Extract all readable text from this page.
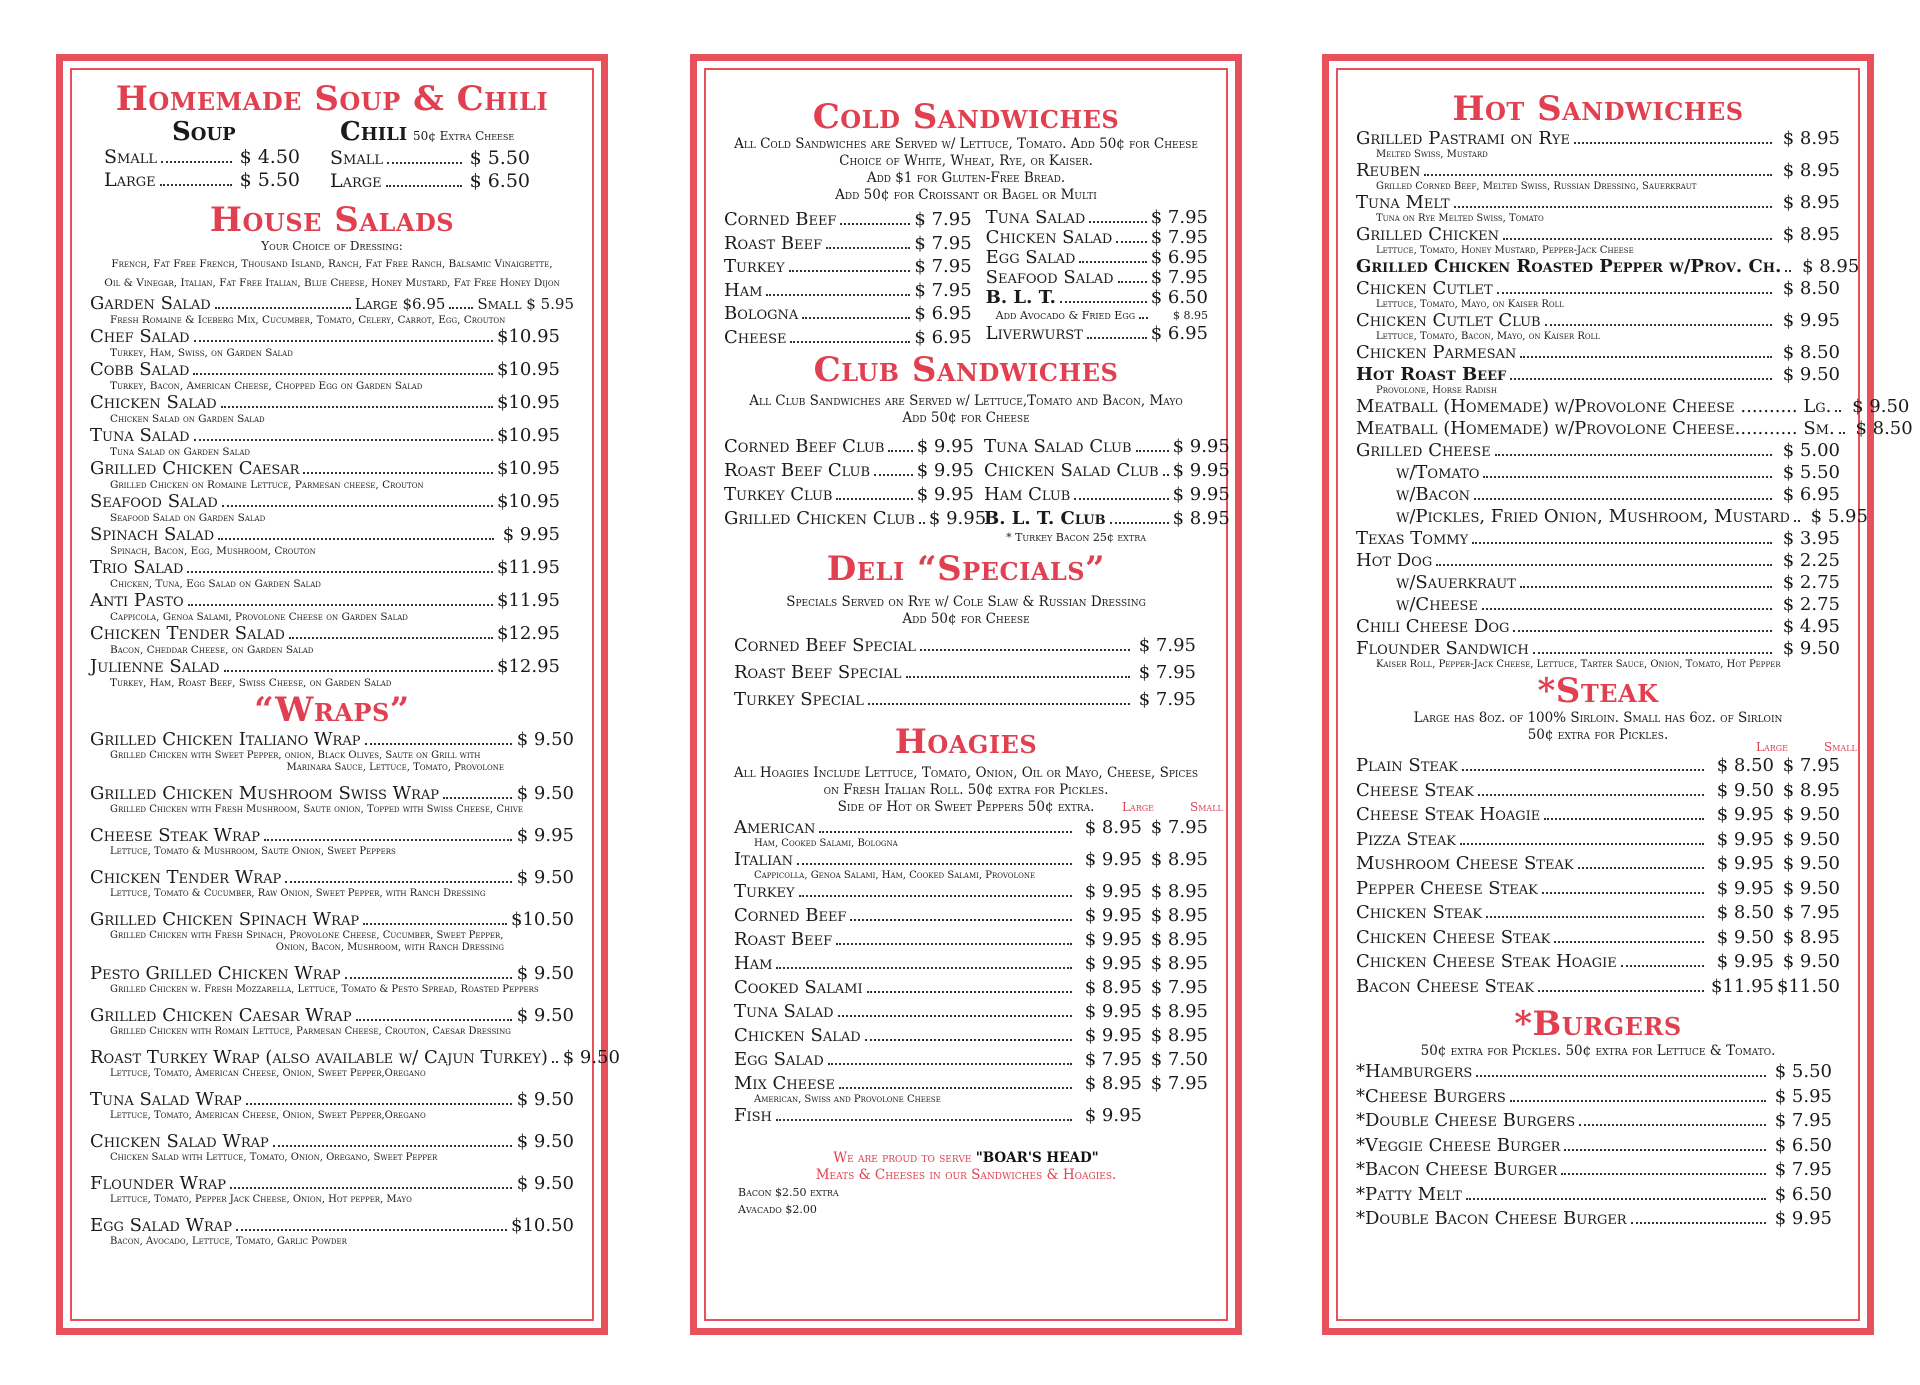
Homemade Soup & Chili
Soup
Small	$ 4.50
Large	$ 5.50
Chili 50¢ Extra Cheese
Small	$ 5.50
Large	$ 6.50
House Salads
Your Choice of Dressing:
French, Fat Free French, Thousand Island, Ranch, Fat Free Ranch, Balsamic Vinaigrette,
Oil & Vinegar, Italian, Fat Free Italian, Blue Cheese, Honey Mustard, Fat Free Honey Dijon
Garden Salad	Large $6.95 Small $ 5.95
Fresh Romaine & Iceberg Mix, Cucumber, Tomato, Celery, Carrot, Egg, Crouton
Chef Salad	$10.95
Turkey, Ham, Swiss, on Garden Salad
Cobb Salad	$10.95
Turkey, Bacon, American Cheese, Chopped Egg on Garden Salad
Chicken Salad	$10.95
Chicken Salad on Garden Salad
Tuna Salad	$10.95
Tuna Salad on Garden Salad
Grilled Chicken Caesar	$10.95
Grilled Chicken on Romaine Lettuce, Parmesan cheese, Crouton
Seafood Salad	$10.95
Seafood Salad on Garden Salad
Spinach Salad	$ 9.95
Spinach, Bacon, Egg, Mushroom, Crouton
Trio Salad	$11.95
Chicken, Tuna, Egg Salad on Garden Salad
Anti Pasto	$11.95
Cappicola, Genoa Salami, Provolone Cheese on Garden Salad
Chicken Tender Salad	$12.95
Bacon, Cheddar Cheese, on Garden Salad
Julienne Salad	$12.95
Turkey, Ham, Roast Beef, Swiss Cheese, on Garden Salad
“Wraps”
Grilled Chicken Italiano Wrap	$ 9.50
Grilled Chicken with Sweet Pepper, onion, Black Olives, Saute on Grill with
Marinara Sauce, Lettuce, Tomato, Provolone
Grilled Chicken Mushroom Swiss Wrap	$ 9.50
Grilled Chicken with Fresh Mushroom, Saute onion, Topped with Swiss Cheese, Chive
Cheese Steak Wrap	$ 9.95
Lettuce, Tomato & Mushroom, Saute Onion, Sweet Peppers
Chicken Tender Wrap	$ 9.50
Lettuce, Tomato & Cucumber, Raw Onion, Sweet Pepper, with Ranch Dressing
Grilled Chicken Spinach Wrap	$10.50
Grilled Chicken with Fresh Spinach, Provolone Cheese, Cucumber, Sweet Pepper,
Onion, Bacon, Mushroom, with Ranch Dressing
Pesto Grilled Chicken Wrap	$ 9.50
Grilled Chicken w. Fresh Mozzarella, Lettuce, Tomato & Pesto Spread, Roasted Peppers
Grilled Chicken Caesar Wrap	$ 9.50
Grilled Chicken with Romain Lettuce, Parmesan Cheese, Crouton, Caesar Dressing
Roast Turkey Wrap (also available w/ Cajun Turkey) $ 9.50
Lettuce, Tomato, American Cheese, Onion, Sweet Pepper,Oregano
Tuna Salad Wrap	$ 9.50
Lettuce, Tomato, American Cheese, Onion, Sweet Pepper,Oregano
Chicken Salad Wrap	$ 9.50
Chicken Salad with Lettuce, Tomato, Onion, Oregano, Sweet Pepper
Flounder Wrap	$ 9.50
Lettuce, Tomato, Pepper Jack Cheese, Onion, Hot pepper, Mayo
Egg Salad Wrap	$10.50
Bacon, Avocado, Lettuce, Tomato, Garlic Powder
Cold Sandwiches
All Cold Sandwiches are Served w/ Lettuce, Tomato. Add 50¢ for Cheese
Choice of White, Wheat, Rye, or Kaiser.
Add $1 for Gluten-Free Bread.
Add 50¢ for Croissant or Bagel or Multi
Corned Beef	$ 7.95
Roast Beef	$ 7.95
Turkey	$ 7.95
Ham	$ 7.95
Bologna	$ 6.95
Cheese	$ 6.95
Tuna Salad	$ 7.95
Chicken Salad $ 7.95
Egg Salad	$ 6.95
Seafood Salad $ 7.95
B. L. T.	$ 6.50
Add Avocado & Fried Egg	$ 8.95
Liverwurst	$ 6.95
Club Sandwiches
All Club Sandwiches are Served w/ Lettuce,Tomato and Bacon, Mayo
Add 50¢ for Cheese
Corned Beef Club $ 9.95
Roast Beef Club	$ 9.95
Turkey Club	$ 9.95
Grilled Chicken Club $ 9.95
Tuna Salad Club $ 9.95
Chicken Salad Club $ 9.95
Ham Club	$ 9.95
B. L. T. Club	$ 8.95
* Turkey Bacon 25¢ extra
Deli “Specials”
Specials Served on Rye w/ Cole Slaw & Russian Dressing
Add 50¢ for Cheese
Corned Beef Special	$ 7.95
Roast Beef Special	$ 7.95
Turkey Special	$ 7.95
Hoagies
All Hoagies Include Lettuce, Tomato, Onion, Oil or Mayo, Cheese, Spices
on Fresh Italian Roll. 50¢ extra for Pickles.
Side of Hot or Sweet Peppers 50¢ extra.	Large	Small
American	$ 8.95 $ 7.95
Ham, Cooked Salami, Bologna
Italian	$ 9.95 $ 8.95
Cappicolla, Genoa Salami, Ham, Cooked Salami, Provolone
Turkey	$ 9.95 $ 8.95
Corned Beef	$ 9.95 $ 8.95
Roast Beef	$ 9.95 $ 8.95
Ham	$ 9.95 $ 8.95
Cooked Salami	$ 8.95 $ 7.95
Tuna Salad	$ 9.95 $ 8.95
Chicken Salad	$ 9.95 $ 8.95
Egg Salad	$ 7.95 $ 7.50
Mix Cheese	$ 8.95 $ 7.95
American, Swiss and Provolone Cheese
Fish	$ 9.95
We are proud to serve "BOAR'S HEAD"
Meats & Cheeses in our Sandwiches & Hoagies.
Bacon $2.50 extra
Avacado $2.00
Hot Sandwiches
Grilled Pastrami on Rye	$ 8.95
Melted Swiss, Mustard
Reuben	$ 8.95
Grilled Corned Beef, Melted Swiss, Russian Dressing, Sauerkraut
Tuna Melt	$ 8.95
Tuna on Rye Melted Swiss, Tomato
Grilled Chicken	$ 8.95
Lettuce, Tomato, Honey Mustard, Pepper-Jack Cheese
Grilled Chicken Roasted Pepper w/Prov. Ch.	$ 8.95
Chicken Cutlet	$ 8.50
Lettuce, Tomato, Mayo, on Kaiser Roll
Chicken Cutlet Club	$ 9.95
Lettuce, Tomato, Bacon, Mayo, on Kaiser Roll
Chicken Parmesan	$ 8.50
Hot Roast Beef	$ 9.50
Provolone, Horse Radish
Meatball (Homemade) w/Provolone Cheese .......... Lg.	$ 9.50
Meatball (Homemade) w/Provolone Cheese........... Sm.	$ 8.50
Grilled Cheese	$ 5.00
w/Tomato	$ 5.50
w/Bacon	$ 6.95
w/Pickles, Fried Onion, Mushroom, Mustard	$ 5.95
Texas Tommy	$ 3.95
Hot Dog	$ 2.25
w/Sauerkraut	$ 2.75
w/Cheese	$ 2.75
Chili Cheese Dog	$ 4.95
Flounder Sandwich	$ 9.50
Kaiser Roll, Pepper-Jack Cheese, Lettuce, Tarter Sauce, Onion, Tomato, Hot Pepper
*Steak
Large has 8oz. of 100% Sirloin. Small has 6oz. of Sirloin
50¢ extra for Pickles.
Large	Small
Plain Steak	$ 8.50 $ 7.95
Cheese Steak	$ 9.50 $ 8.95
Cheese Steak Hoagie	$ 9.95 $ 9.50
Pizza Steak	$ 9.95 $ 9.50
Mushroom Cheese Steak	$ 9.95 $ 9.50
Pepper Cheese Steak	$ 9.95 $ 9.50
Chicken Steak	$ 8.50 $ 7.95
Chicken Cheese Steak	$ 9.50 $ 8.95
Chicken Cheese Steak Hoagie	$ 9.95 $ 9.50
Bacon Cheese Steak	$11.95 $11.50
*Burgers
50¢ extra for Pickles. 50¢ extra for Lettuce & Tomato.
*Hamburgers	$ 5.50
*Cheese Burgers	$ 5.95
*Double Cheese Burgers	$ 7.95
*Veggie Cheese Burger	$ 6.50
*Bacon Cheese Burger	$ 7.95
*Patty Melt	$ 6.50
*Double Bacon Cheese Burger	$ 9.95
